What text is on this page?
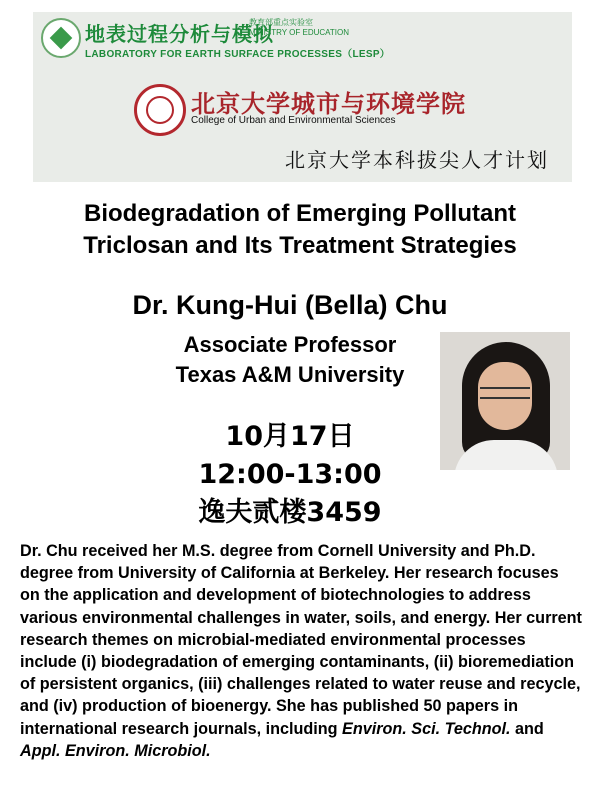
地表过程分析与模拟
教育部重点实验室
MINISTRY OF EDUCATION
LABORATORY FOR EARTH SURFACE PROCESSES（LESP）
北京大学城市与环境学院
College of Urban and Environmental Sciences
北京大学本科拔尖人才计划
Biodegradation of Emerging Pollutant
Triclosan and Its Treatment Strategies
Dr. Kung-Hui (Bella) Chu
Associate Professor
Texas A&M University
10月17日
12:00-13:00
逸夫贰楼3459
Dr. Chu received her M.S. degree from Cornell University and Ph.D. degree from University of California at Berkeley. Her research focuses on the application and development of biotechnologies to address various environmental challenges in water, soils, and energy. Her current research themes on microbial-mediated environmental processes include (i) biodegradation of emerging contaminants, (ii) bioremediation of persistent organics, (iii) challenges related to water reuse and recycle, and (iv) production of bioenergy. She has published 50 papers in international research journals, including Environ. Sci. Technol. and Appl. Environ. Microbiol.
